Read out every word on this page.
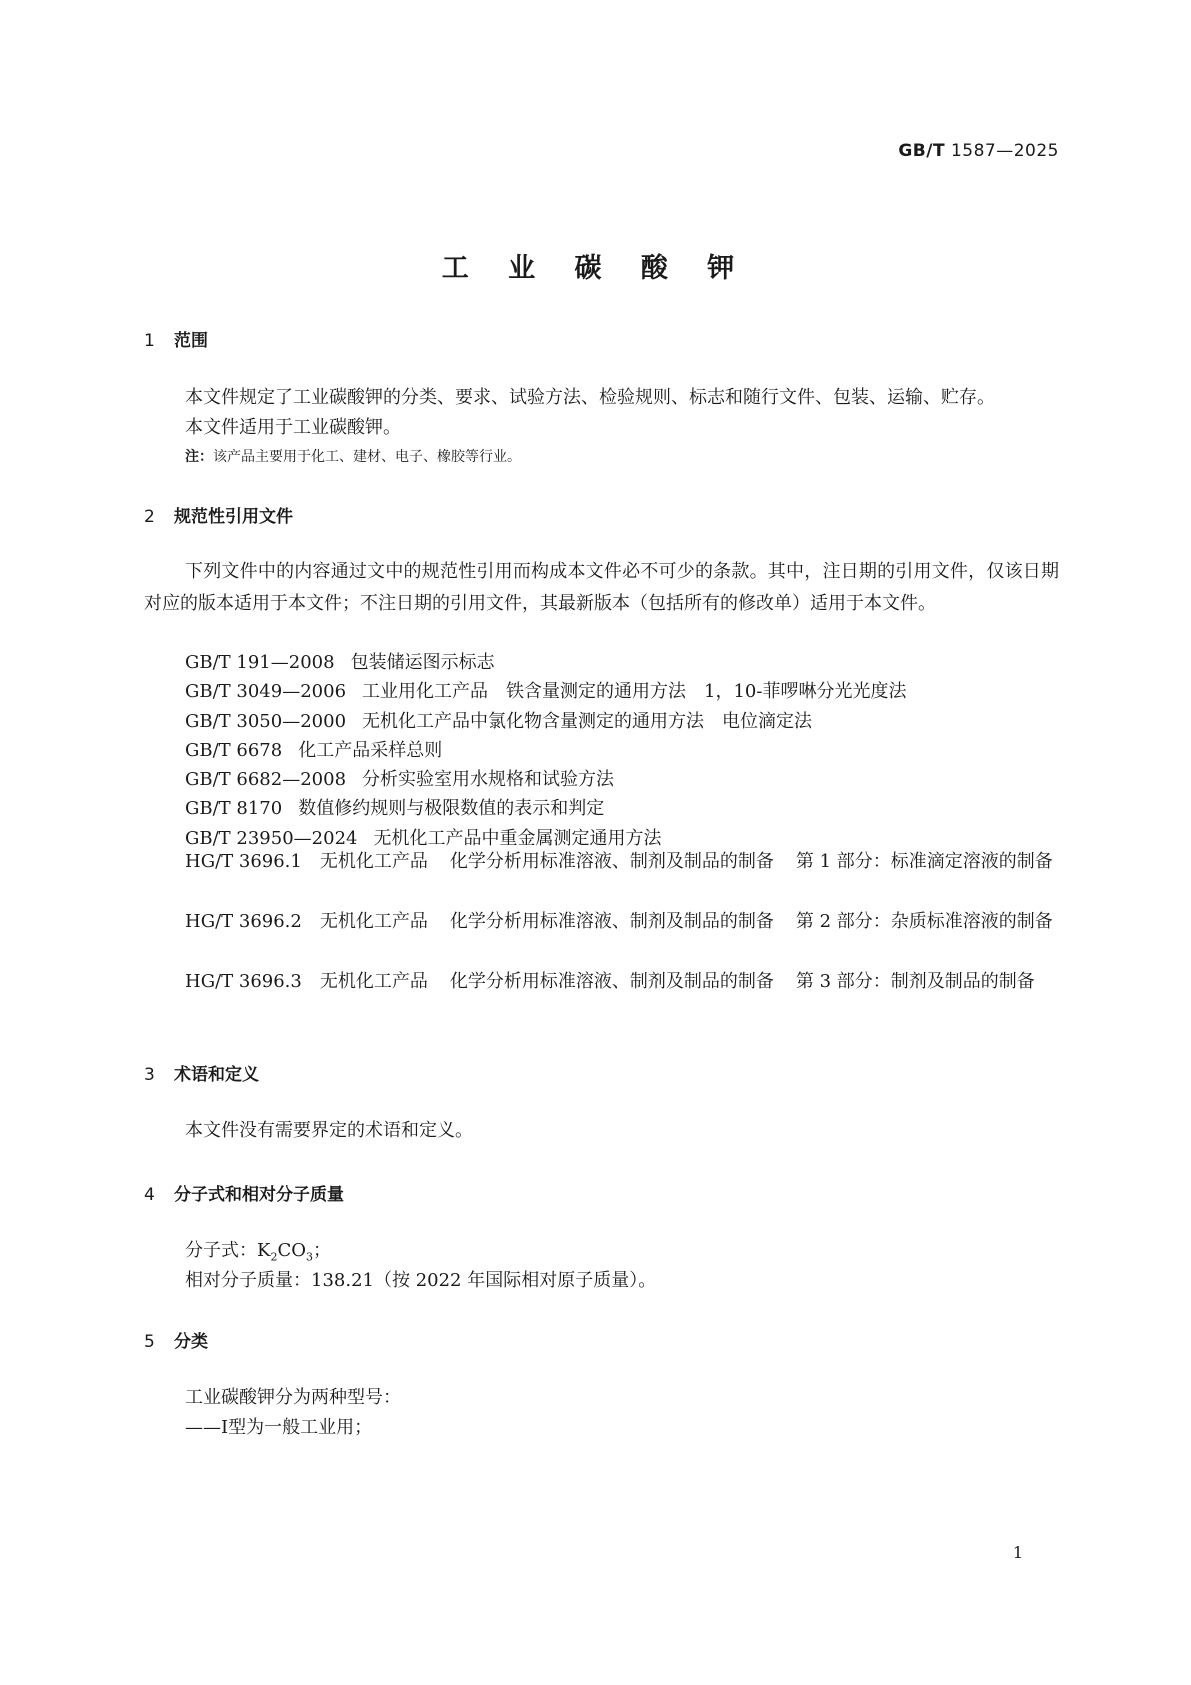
GB/T 1587—2025
工 业 碳 酸 钾
1 范围
本文件规定了工业碳酸钾的分类、要求、试验方法、检验规则、标志和随行文件、包装、运输、贮存。
本文件适用于工业碳酸钾。
注：该产品主要用于化工、建材、电子、橡胶等行业。
2 规范性引用文件
下列文件中的内容通过文中的规范性引用而构成本文件必不可少的条款。其中，注日期的引用文件，仅该日期对应的版本适用于本文件；不注日期的引用文件，其最新版本（包括所有的修改单）适用于本文件。
GB/T 191—2008 包装储运图示标志
GB/T 3049—2006 工业用化工产品　铁含量测定的通用方法　1，10-菲啰啉分光光度法
GB/T 3050—2000 无机化工产品中氯化物含量测定的通用方法　电位滴定法
GB/T 6678 化工产品采样总则
GB/T 6682—2008 分析实验室用水规格和试验方法
GB/T 8170 数值修约规则与极限数值的表示和判定
GB/T 23950—2024 无机化工产品中重金属测定通用方法
HG/T 3696.1 无机化工产品 化学分析用标准溶液、制剂及制品的制备 第 1 部分：标准滴定溶液的制备
HG/T 3696.2 无机化工产品 化学分析用标准溶液、制剂及制品的制备 第 2 部分：杂质标准溶液的制备
HG/T 3696.3 无机化工产品 化学分析用标准溶液、制剂及制品的制备 第 3 部分：制剂及制品的制备
3 术语和定义
本文件没有需要界定的术语和定义。
4 分子式和相对分子质量
分子式：$K_2CO_3$；
相对分子质量：138.21（按 2022 年国际相对原子质量）。
5 分类
工业碳酸钾分为两种型号：
——Ⅰ型为一般工业用；
1
